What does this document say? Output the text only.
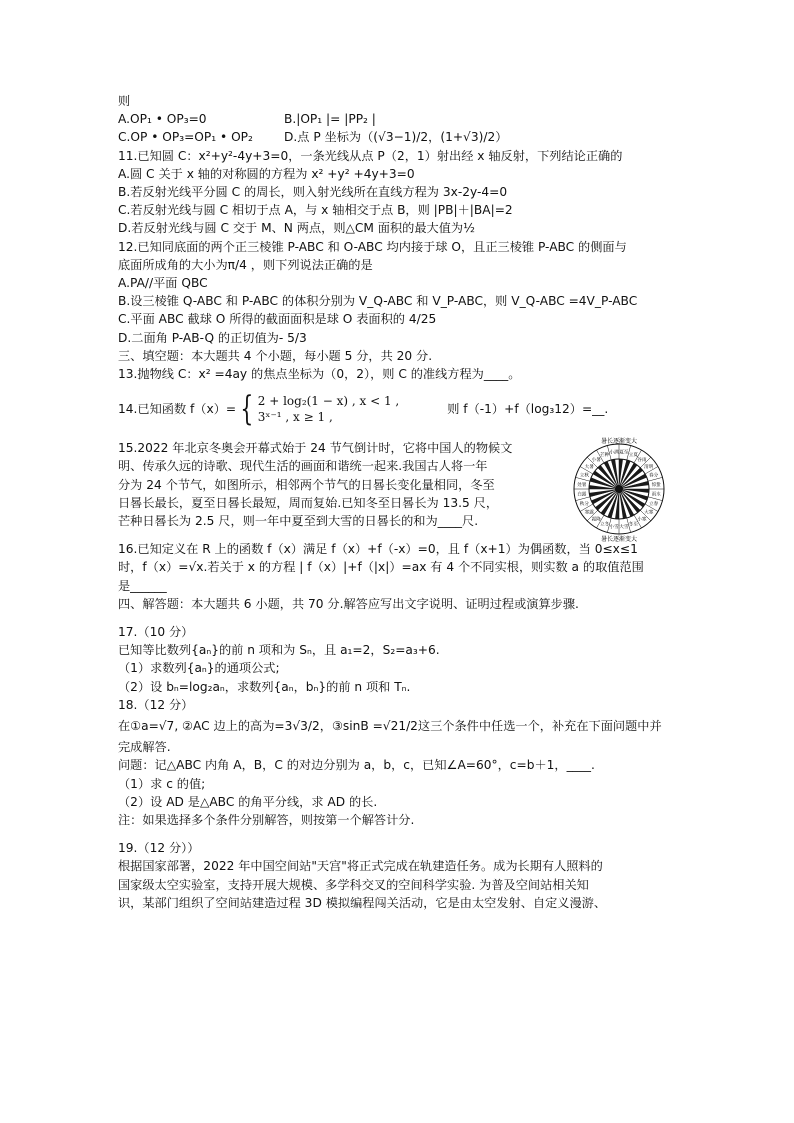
则
A.OP₁ • OP₃=0	B.|OP₁ |= |PP₂ |
C.OP • OP₃=OP₁ • OP₂	D.点 P 坐标为（(√3−1)/2，(1+√3)/2）
11.已知圆 C：x²+y²-4y+3=0，一条光线从点 P（2，1）射出经 x 轴反射，下列结论正确的
A.圆 C 关于 x 轴的对称圆的方程为 x² +y² +4y+3=0
B.若反射光线平分圆 C 的周长，则入射光线所在直线方程为 3x-2y-4=0
C.若反射光线与圆 C 相切于点 A，与 x 轴相交于点 B，则 |PB|＋|BA|=2
D.若反射光线与圆 C 交于 M、N 两点，则△CM 面积的最大值为½
12.已知同底面的两个正三棱锥 P-ABC 和 O-ABC 均内接于球 O，且正三棱锥 P-ABC 的侧面与
底面所成角的大小为π/4 ，则下列说法正确的是
A.PA//平面 QBC
B.设三棱锥 Q-ABC 和 P-ABC 的体积分别为 V_Q-ABC 和 V_P-ABC，则 V_Q-ABC =4V_P-ABC
C.平面 ABC 截球 O 所得的截面面积是球 O 表面积的 4/25
D.二面角 P-AB-Q 的正切值为- 5/3
三、填空题：本大题共 4 个小题，每小题 5 分，共 20 分.
13.抛物线 C：x² =4ay 的焦点坐标为（0，2），则 C 的准线方程为____。
14.已知函数 f（x）= { 2 + log₂(1 − x) , x < 1 ,
3ˣ⁻¹ , x ≥ 1 ,
则 f（-1）+f（log₃12）=__.
15.2022 年北京冬奥会开幕式始于 24 节气倒计时，它将中国人的物候文
明、传承久远的诗歌、现代生活的画面和谐统一起来.我国古人将一年
分为 24 个节气，如图所示，相邻两个节气的日晷长变化量相同，冬至
日晷长最长，夏至日晷长最短，周而复始.已知冬至日晷长为 13.5 尺，
芒种日晷长为 2.5 尺，则一年中夏至到大雪的日晷长的和为____尺.
夏至
立夏
谷雨
清明
春分
惊蛰
雨水
立春
大寒
小寒
冬至
大雪
小雪
立冬
霜降
寒露
秋分
白露
处暑
立秋
大暑
小暑
芒种
小满
暑长逐渐变大
暑长逐渐变大
16.已知定义在 R 上的函数 f（x）满足 f（x）+f（-x）=0，且 f（x+1）为偶函数，当 0≤x≤1
时，f（x）=√x.若关于 x 的方程 | f（x）|+f（|x|）=ax 有 4 个不同实根，则实数 a 的取值范围
是______
四、解答题：本大题共 6 小题，共 70 分.解答应写出文字说明、证明过程或演算步骤.
17.（10 分）
已知等比数列{aₙ}的前 n 项和为 Sₙ，且 a₁=2，S₂=a₃+6.
（1）求数列{aₙ}的通项公式;
（2）设 bₙ=log₂aₙ，求数列{aₙ，bₙ}的前 n 项和 Tₙ.
18.（12 分）
在①a=√7, ②AC 边上的高为=3√3/2，③sinB =√21/2这三个条件中任选一个，补充在下面问题中并
完成解答.
问题：记△ABC 内角 A，B，C 的对边分别为 a，b，c，已知∠A=60°，c=b＋1，____.
（1）求 c 的值;
（2）设 AD 是△ABC 的角平分线，求 AD 的长.
注：如果选择多个条件分别解答，则按第一个解答计分.
19.（12 分））
根据国家部署，2022 年中国空间站"天宫"将正式完成在轨建造任务。成为长期有人照料的
国家级太空实验室，支持开展大规模、多学科交叉的空间科学实验. 为普及空间站相关知
识，某部门组织了空间站建造过程 3D 模拟编程闯关活动，它是由太空发射、自定义漫游、
